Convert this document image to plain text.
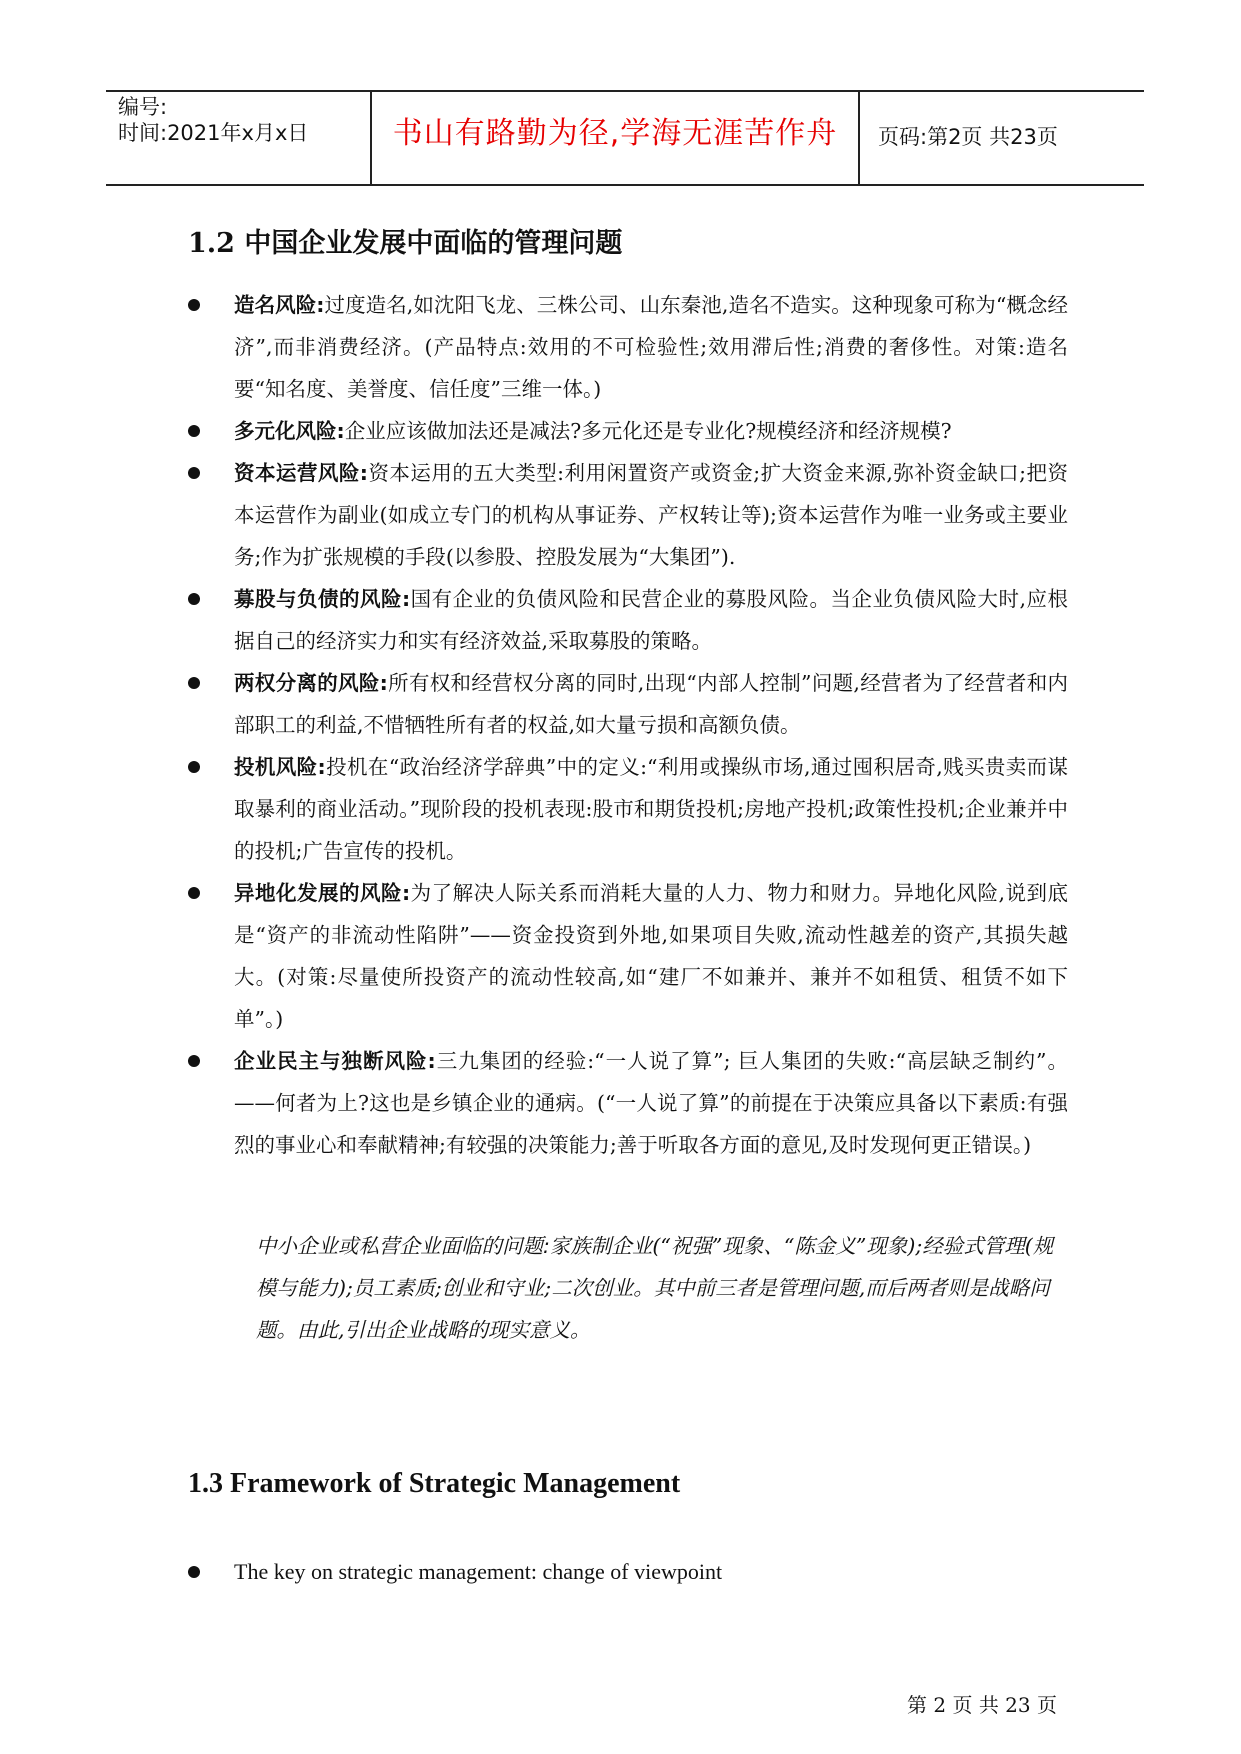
编号:
时间:2021年x月x日	书山有路勤为径,学海无涯苦作舟	页码:第2页 共23页
1.2 中国企业发展中面临的管理问题
造名风险:过度造名,如沈阳飞龙、三株公司、山东秦池,造名不造实。这种现象可称为“概念经济”,而非消费经济。(产品特点:效用的不可检验性;效用滞后性;消费的奢侈性。对策:造名要“知名度、美誉度、信任度”三维一体。)
多元化风险:企业应该做加法还是减法?多元化还是专业化?规模经济和经济规模?
资本运营风险:资本运用的五大类型:利用闲置资产或资金;扩大资金来源,弥补资金缺口;把资本运营作为副业(如成立专门的机构从事证券、产权转让等);资本运营作为唯一业务或主要业务;作为扩张规模的手段(以参股、控股发展为“大集团”).
募股与负债的风险:国有企业的负债风险和民营企业的募股风险。当企业负债风险大时,应根据自己的经济实力和实有经济效益,采取募股的策略。
两权分离的风险:所有权和经营权分离的同时,出现“内部人控制”问题,经营者为了经营者和内部职工的利益,不惜牺牲所有者的权益,如大量亏损和高额负债。
投机风险:投机在“政治经济学辞典”中的定义:“利用或操纵市场,通过囤积居奇,贱买贵卖而谋取暴利的商业活动。”现阶段的投机表现:股市和期货投机;房地产投机;政策性投机;企业兼并中的投机;广告宣传的投机。
异地化发展的风险:为了解决人际关系而消耗大量的人力、物力和财力。异地化风险,说到底是“资产的非流动性陷阱”——资金投资到外地,如果项目失败,流动性越差的资产,其损失越大。(对策:尽量使所投资产的流动性较高,如“建厂不如兼并、兼并不如租赁、租赁不如下单”。)
企业民主与独断风险:三九集团的经验:“一人说了算”; 巨人集团的失败:“高层缺乏制约”。——何者为上?这也是乡镇企业的通病。(“一人说了算”的前提在于决策应具备以下素质:有强烈的事业心和奉献精神;有较强的决策能力;善于听取各方面的意见,及时发现何更正错误。)
中小企业或私营企业面临的问题:家族制企业(“祝强”现象、“陈金义”现象);经验式管理(规模与能力);员工素质;创业和守业;二次创业。其中前三者是管理问题,而后两者则是战略问题。由此,引出企业战略的现实意义。
1.3 Framework of Strategic Management
The key on strategic management: change of viewpoint
第 2 页 共 23 页
